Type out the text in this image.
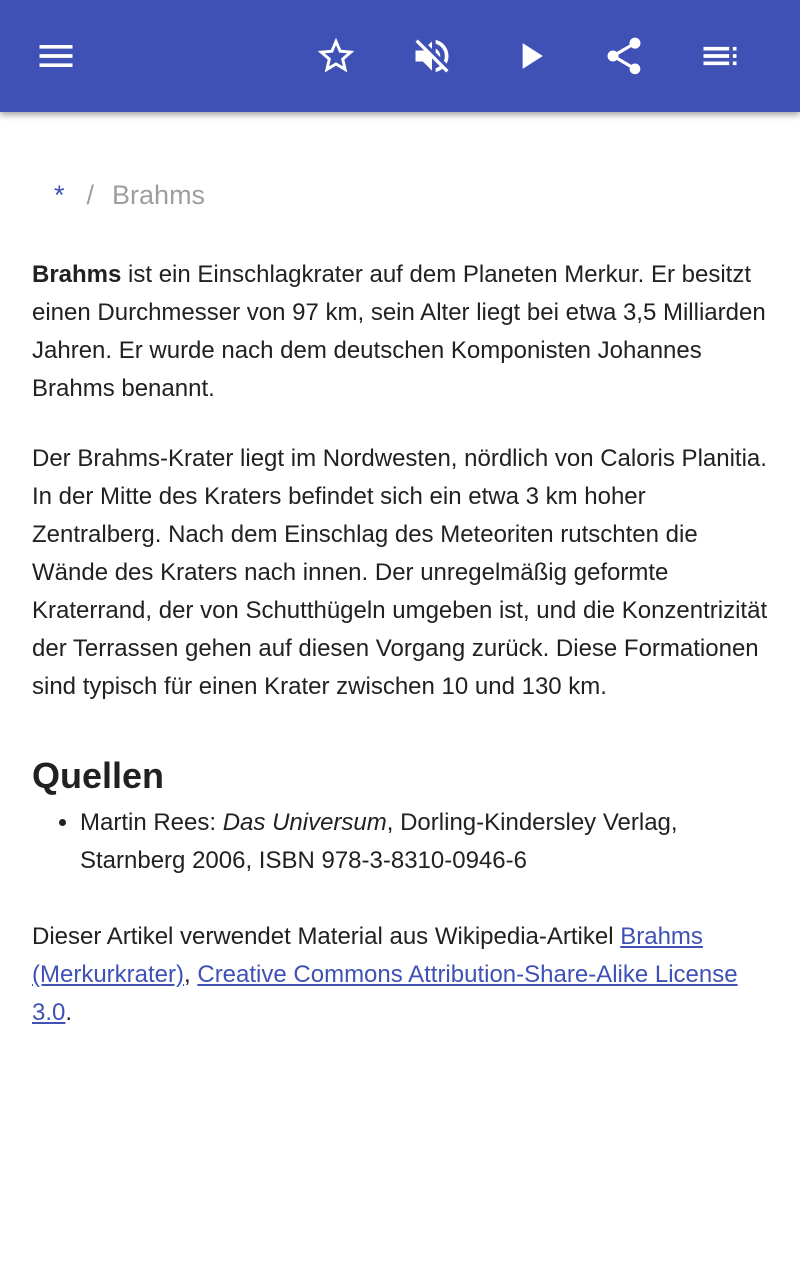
* / Brahms

Brahms ist ein Einschlagkrater auf dem Planeten Merkur. Er besitzt einen Durchmesser von 97 km, sein Alter liegt bei etwa 3,5 Milliarden Jahren. Er wurde nach dem deutschen Komponisten Johannes Brahms benannt.

Der Brahms-Krater liegt im Nordwesten, nördlich von Caloris Planitia. In der Mitte des Kraters befindet sich ein etwa 3 km hoher Zentralberg. Nach dem Einschlag des Meteoriten rutschten die Wände des Kraters nach innen. Der unregelmäßig geformte Kraterrand, der von Schutthügeln umgeben ist, und die Konzentrizität der Terrassen gehen auf diesen Vorgang zurück. Diese Formationen sind typisch für einen Krater zwischen 10 und 130 km.

Quellen
• Martin Rees: Das Universum, Dorling-Kindersley Verlag, Starnberg 2006, ISBN 978-3-8310-0946-6

Dieser Artikel verwendet Material aus Wikipedia-Artikel Brahms (Merkurkrater), Creative Commons Attribution-Share-Alike License 3.0.
